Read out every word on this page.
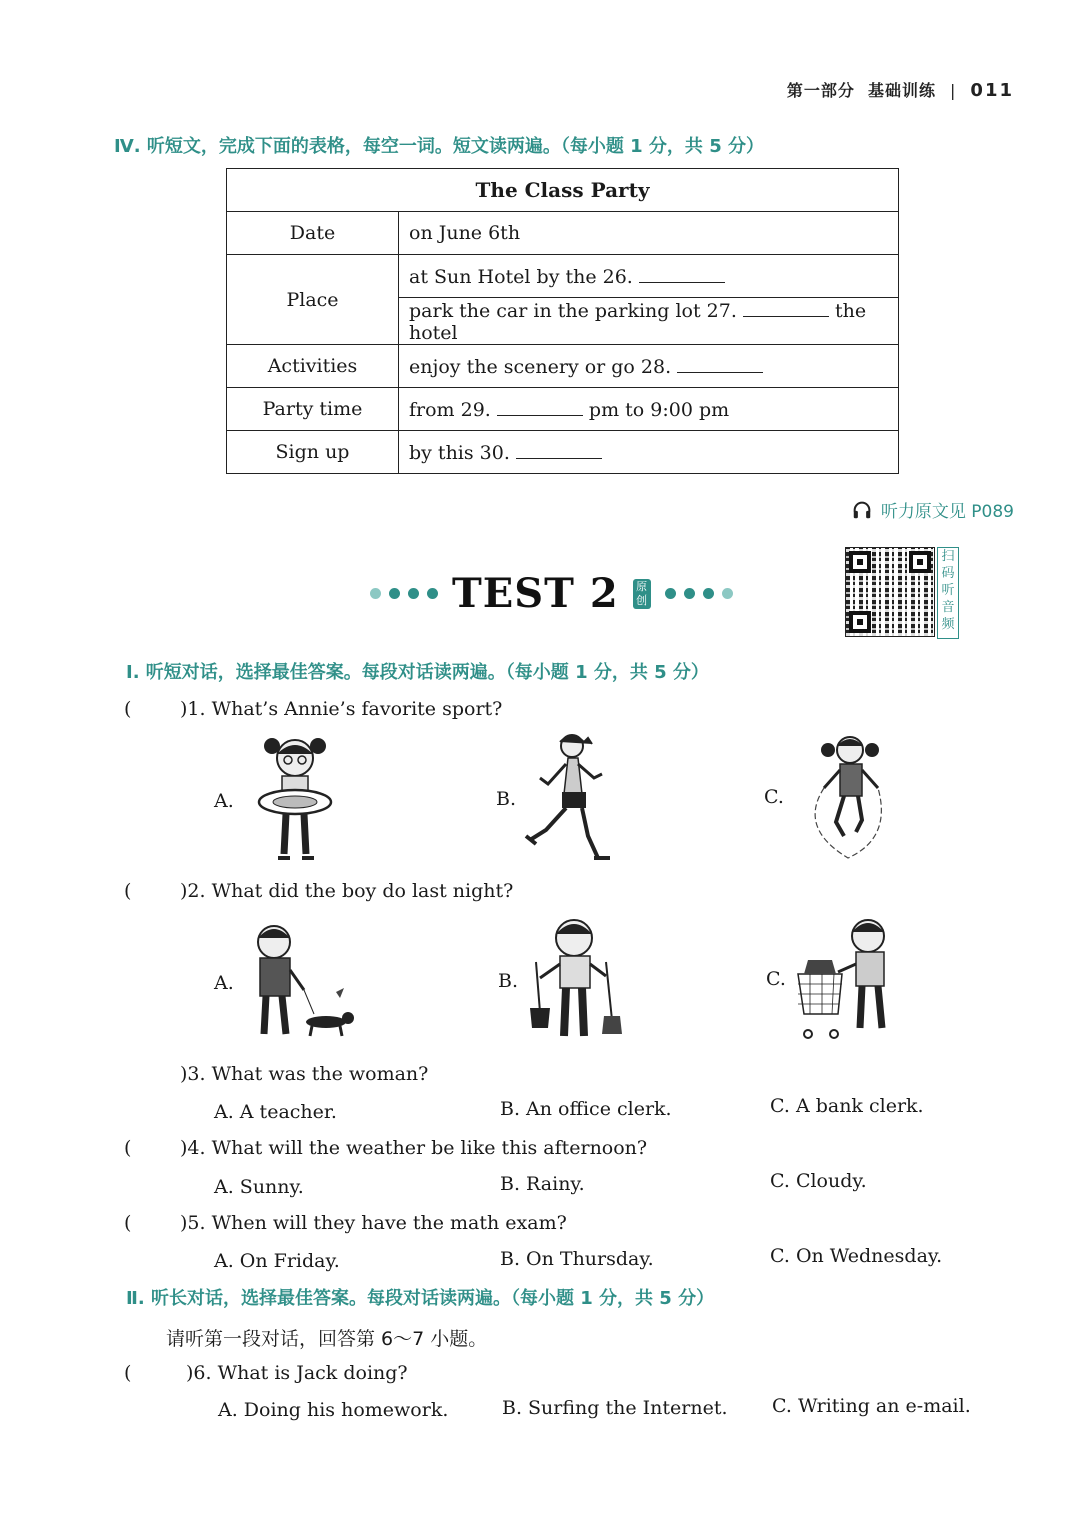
第一部分 基础训练 | 011
Ⅳ. 听短文，完成下面的表格，每空一词。短文读两遍。（每小题 1 分，共 5 分）
The Class Party	
Date	on June 6th
Place	at Sun Hotel by the 26.
	park the car in the parking lot 27. the hotel
Activities	enjoy the scenery or go 28.
Party time	from 29. pm to 9:00 pm
Sign up	by this 30.
听力原文见 P089
TEST 2	原创
扫码听音频
Ⅰ. 听短对话，选择最佳答案。每段对话读两遍。（每小题 1 分，共 5 分）
(	)1. What’s Annie’s favorite sport?
A.	B.	C.
(	)2. What did the boy do last night?
A.	B.	C.
)3. What was the woman?
A. A teacher.	B. An office clerk.	C. A bank clerk.
(	)4. What will the weather be like this afternoon?
A. Sunny.	B. Rainy.	C. Cloudy.
(	)5. When will they have the math exam?
A. On Friday.	B. On Thursday.	C. On Wednesday.
Ⅱ. 听长对话，选择最佳答案。每段对话读两遍。（每小题 1 分，共 5 分）
请听第一段对话，回答第 6～7 小题。
(	)6. What is Jack doing?
A. Doing his homework.	B. Surfing the Internet. C. Writing an e-mail.
